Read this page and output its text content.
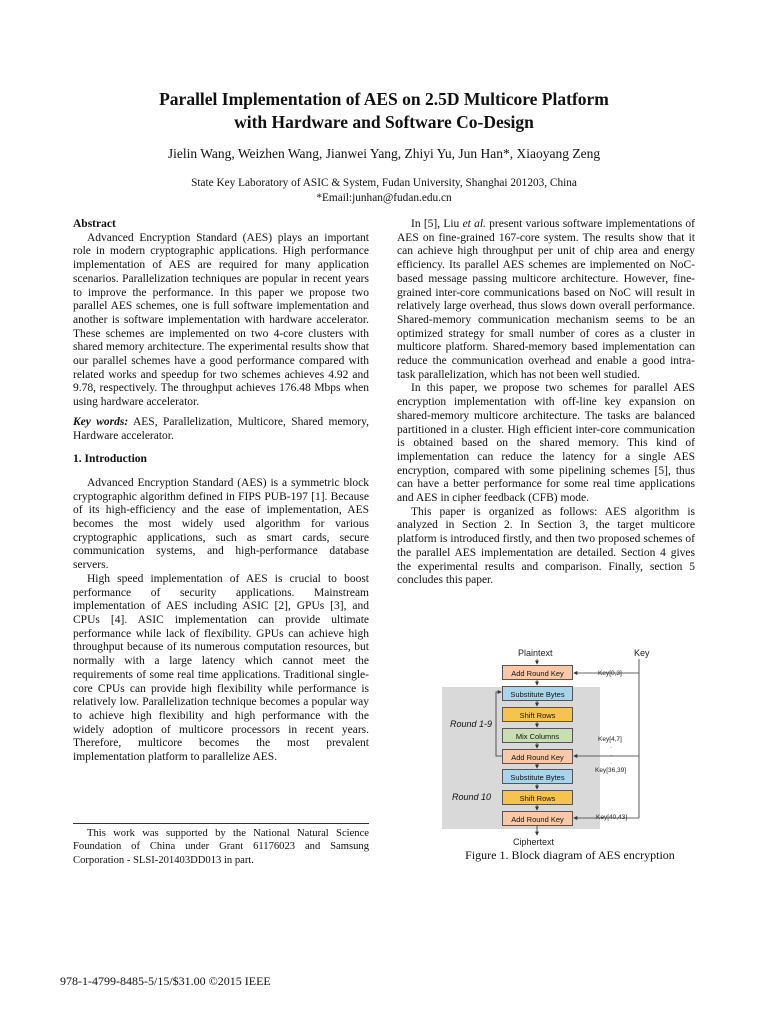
Parallel Implementation of AES on 2.5D Multicore Platform
with Hardware and Software Co-Design
Jielin Wang, Weizhen Wang, Jianwei Yang, Zhiyi Yu, Jun Han*, Xiaoyang Zeng
State Key Laboratory of ASIC & System, Fudan University, Shanghai 201203, China
*Email:junhan@fudan.edu.cn

Abstract

Advanced Encryption Standard (AES) plays an important role in modern cryptographic applications. High performance implementation of AES are required for many application scenarios. Parallelization techniques are popular in recent years to improve the performance. In this paper we propose two parallel AES schemes, one is full software implementation and another is software implementation with hardware accelerator. These schemes are implemented on two 4-core clusters with shared memory architecture. The experimental results show that our parallel schemes have a good performance compared with related works and speedup for two schemes achieves 4.92 and 9.78, respectively. The throughput achieves 176.48 Mbps when using hardware accelerator.

Key words: AES, Parallelization, Multicore, Shared memory, Hardware accelerator.

1. Introduction

Advanced Encryption Standard (AES) is a symmetric block cryptographic algorithm defined in FIPS PUB-197 [1]. Because of its high-efficiency and the ease of implementation, AES becomes the most widely used algorithm for various cryptographic applications, such as smart cards, secure communication systems, and high-performance database servers.

High speed implementation of AES is crucial to boost performance of security applications. Mainstream implementation of AES including ASIC [2], GPUs [3], and CPUs [4]. ASIC implementation can provide ultimate performance while lack of flexibility. GPUs can achieve high throughput because of its numerous computation resources, but normally with a large latency which cannot meet the requirements of some real time applications. Traditional single-core CPUs can provide high flexibility while performance is relatively low. Parallelization technique becomes a popular way to achieve high flexibility and high performance with the widely adoption of multicore processors in recent years. Therefore, multicore becomes the most prevalent implementation platform to parallelize AES.

This work was supported by the National Natural Science Foundation of China under Grant 61176023 and Samsung Corporation - SLSI-201403DD013 in part.

In [5], Liu et al. present various software implementations of AES on fine-grained 167-core system. The results show that it can achieve high throughput per unit of chip area and energy efficiency. Its parallel AES schemes are implemented on NoC-based message passing multicore architecture. However, fine-grained inter-core communications based on NoC will result in relatively large overhead, thus slows down overall performance. Shared-memory communication mechanism seems to be an optimized strategy for small number of cores as a cluster in multicore platform. Shared-memory based implementation can reduce the communication overhead and enable a good intra-task parallelization, which has not been well studied.

In this paper, we propose two schemes for parallel AES encryption implementation with off-line key expansion on shared-memory multicore architecture. The tasks are balanced partitioned in a cluster. High efficient inter-core communication is obtained based on the shared memory. This kind of implementation can reduce the latency for a single AES encryption, compared with some pipelining schemes [5], thus can have a better performance for some real time applications and AES in cipher feedback (CFB) mode.

This paper is organized as follows: AES algorithm is analyzed in Section 2. In Section 3, the target multicore platform is introduced firstly, and then two proposed schemes of the parallel AES implementation are detailed. Section 4 gives the experimental results and comparison. Finally, section 5 concludes this paper.

Plaintext	Key
Add Round Key
Substitute Bytes
Shift Rows
Mix Columns
Add Round Key
Substitute Bytes
Shift Rows
Add Round Key
Round 1-9
Round 10
Key[0,3]
Key[4,7]
·
·
·
Key[36,39]
Key[40,43]
Ciphertext
Figure 1. Block diagram of AES encryption
978-1-4799-8485-5/15/$31.00 ©2015 IEEE
